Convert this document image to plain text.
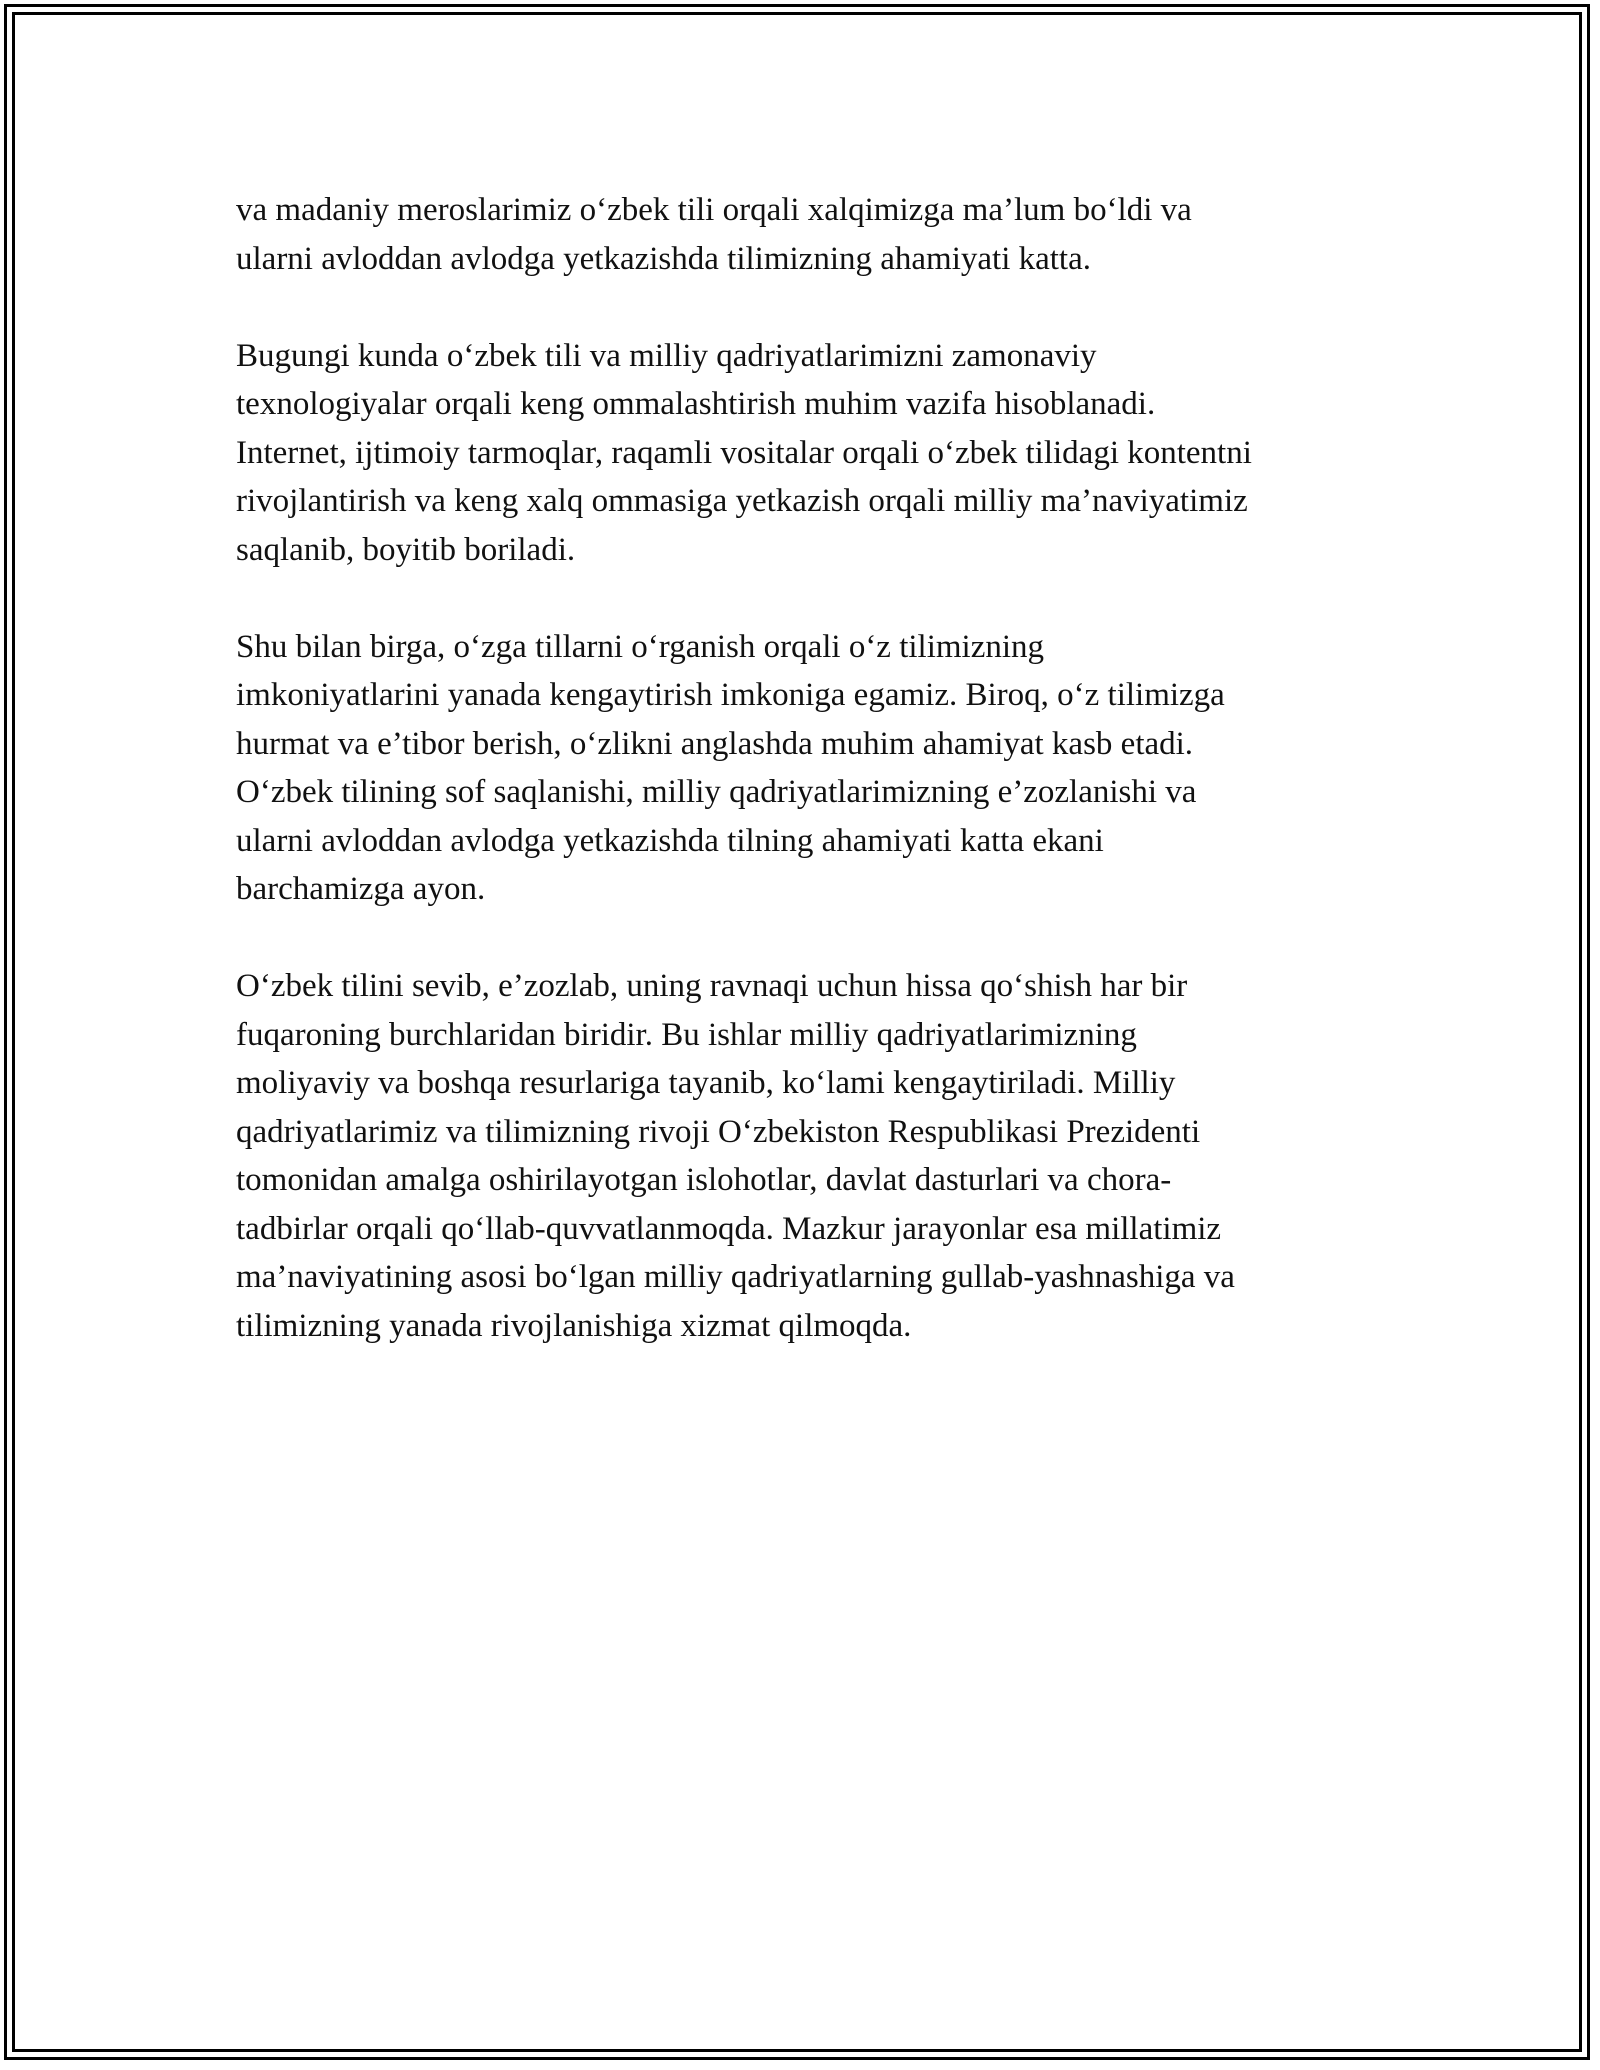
va madaniy meroslarimiz o‘zbek tili orqali xalqimizga ma’lum bo‘ldi va
ularni avloddan avlodga yetkazishda tilimizning ahamiyati katta.

Bugungi kunda o‘zbek tili va milliy qadriyatlarimizni zamonaviy
texnologiyalar orqali keng ommalashtirish muhim vazifa hisoblanadi.
Internet, ijtimoiy tarmoqlar, raqamli vositalar orqali o‘zbek tilidagi kontentni
rivojlantirish va keng xalq ommasiga yetkazish orqali milliy ma’naviyatimiz
saqlanib, boyitib boriladi.

Shu bilan birga, o‘zga tillarni o‘rganish orqali o‘z tilimizning
imkoniyatlarini yanada kengaytirish imkoniga egamiz. Biroq, o‘z tilimizga
hurmat va e’tibor berish, o‘zlikni anglashda muhim ahamiyat kasb etadi.
O‘zbek tilining sof saqlanishi, milliy qadriyatlarimizning e’zozlanishi va
ularni avloddan avlodga yetkazishda tilning ahamiyati katta ekani
barchamizga ayon.

O‘zbek tilini sevib, e’zozlab, uning ravnaqi uchun hissa qo‘shish har bir
fuqaroning burchlaridan biridir. Bu ishlar milliy qadriyatlarimizning
moliyaviy va boshqa resurlariga tayanib, ko‘lami kengaytiriladi. Milliy
qadriyatlarimiz va tilimizning rivoji O‘zbekiston Respublikasi Prezidenti
tomonidan amalga oshirilayotgan islohotlar, davlat dasturlari va chora-
tadbirlar orqali qo‘llab-quvvatlanmoqda. Mazkur jarayonlar esa millatimiz
ma’naviyatining asosi bo‘lgan milliy qadriyatlarning gullab-yashnashiga va
tilimizning yanada rivojlanishiga xizmat qilmoqda.
